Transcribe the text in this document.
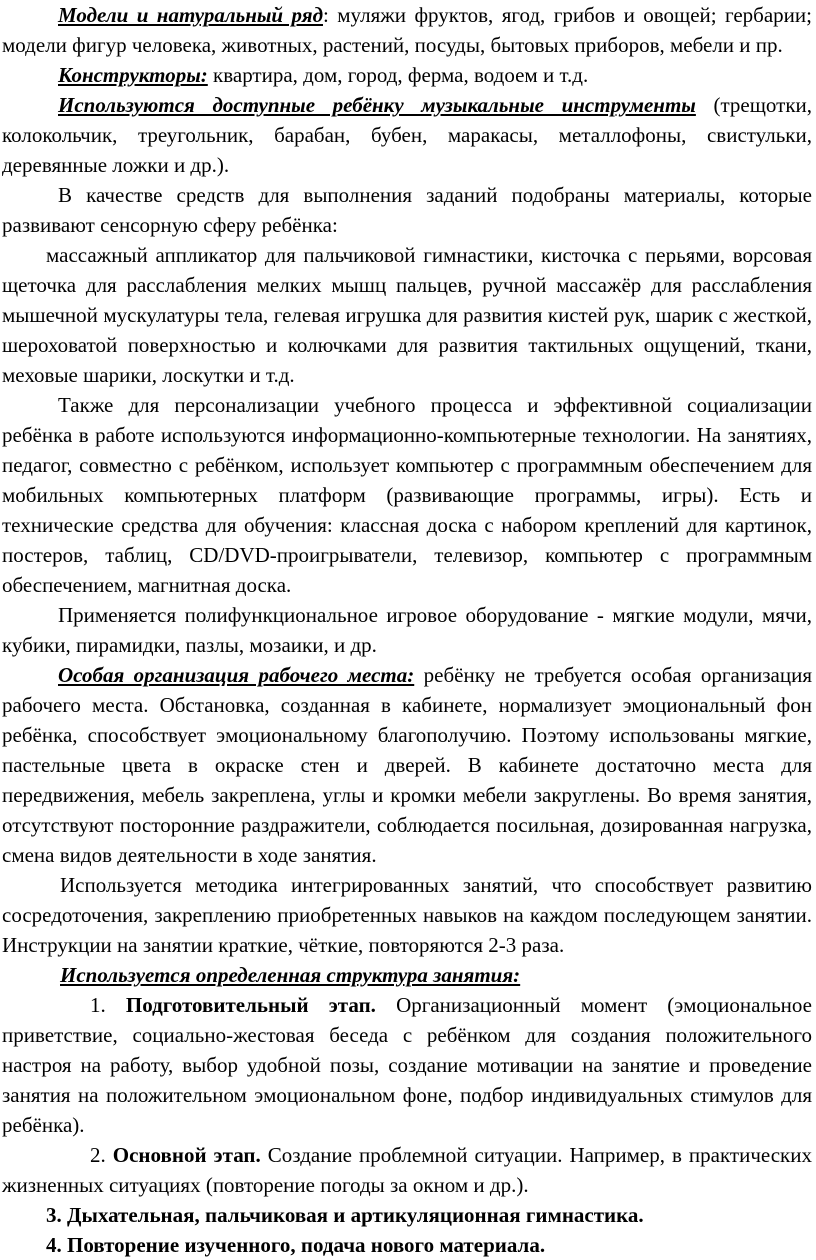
Модели и натуральный ряд: муляжи фруктов, ягод, грибов и овощей; гербарии; модели фигур человека, животных, растений, посуды, бытовых приборов, мебели и пр.

Конструкторы: квартира, дом, город, ферма, водоем и т.д.

Используются доступные ребёнку музыкальные инструменты (трещотки, колокольчик, треугольник, барабан, бубен, маракасы, металлофоны, свистульки, деревянные ложки и др.).

В качестве средств для выполнения заданий подобраны материалы, которые развивают сенсорную сферу ребёнка:

массажный аппликатор для пальчиковой гимнастики, кисточка с перьями, ворсовая щеточка для расслабления мелких мышц пальцев, ручной массажёр для расслабления мышечной мускулатуры тела, гелевая игрушка для развития кистей рук, шарик с жесткой, шероховатой поверхностью и колючками для развития тактильных ощущений, ткани, меховые шарики, лоскутки и т.д.

Также для персонализации учебного процесса и эффективной социализации ребёнка в работе используются информационно-компьютерные технологии. На занятиях, педагог, совместно с ребёнком, использует компьютер с программным обеспечением для мобильных компьютерных платформ (развивающие программы, игры). Есть и технические средства для обучения: классная доска с набором креплений для картинок, постеров, таблиц, CD/DVD-проигрыватели, телевизор, компьютер с программным обеспечением, магнитная доска.

Применяется полифункциональное игровое оборудование - мягкие модули, мячи, кубики, пирамидки, пазлы, мозаики, и др.

Особая организация рабочего места: ребёнку не требуется особая организация рабочего места. Обстановка, созданная в кабинете, нормализует эмоциональный фон ребёнка, способствует эмоциональному благополучию. Поэтому использованы мягкие, пастельные цвета в окраске стен и дверей. В кабинете достаточно места для передвижения, мебель закреплена, углы и кромки мебели закруглены. Во время занятия, отсутствуют посторонние раздражители, соблюдается посильная, дозированная нагрузка, смена видов деятельности в ходе занятия.

Используется методика интегрированных занятий, что способствует развитию сосредоточения, закреплению приобретенных навыков на каждом последующем занятии. Инструкции на занятии краткие, чёткие, повторяются 2-3 раза.

Используется определенная структура занятия:

1. Подготовительный этап. Организационный момент (эмоциональное приветствие, социально-жестовая беседа с ребёнком для создания положительного настроя на работу, выбор удобной позы, создание мотивации на занятие и проведение занятия на положительном эмоциональном фоне, подбор индивидуальных стимулов для ребёнка).

2. Основной этап. Создание проблемной ситуации. Например, в практических жизненных ситуациях (повторение погоды за окном и др.).

3. Дыхательная, пальчиковая и артикуляционная гимнастика.

4. Повторение изученного, подача нового материала.
